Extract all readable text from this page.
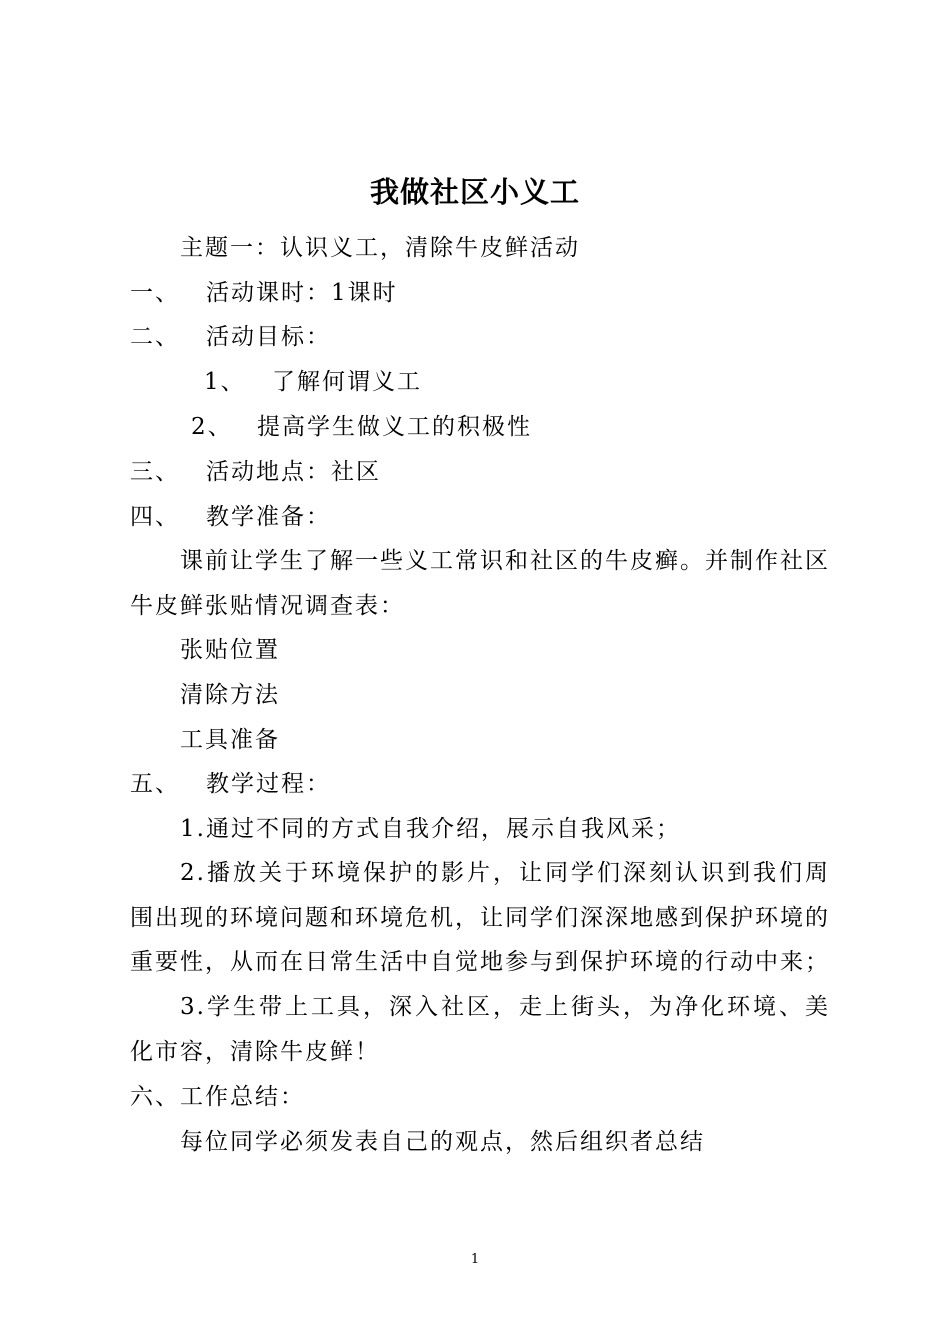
我做社区小义工
主题一：认识义工，清除牛皮鲜活动
一、 活动课时：1课时
二、 活动目标：
1、 了解何谓义工
2、 提高学生做义工的积极性
三、 活动地点：社区
四、 教学准备：
课前让学生了解一些义工常识和社区的牛皮癣。并制作社区牛皮鲜张贴情况调查表：
张贴位置
清除方法
工具准备
五、 教学过程：
1.通过不同的方式自我介绍，展示自我风采；
2.播放关于环境保护的影片，让同学们深刻认识到我们周围出现的环境问题和环境危机，让同学们深深地感到保护环境的重要性，从而在日常生活中自觉地参与到保护环境的行动中来；
3.学生带上工具，深入社区，走上街头，为净化环境、美化市容，清除牛皮鲜！
六、工作总结：
每位同学必须发表自己的观点，然后组织者总结
1
